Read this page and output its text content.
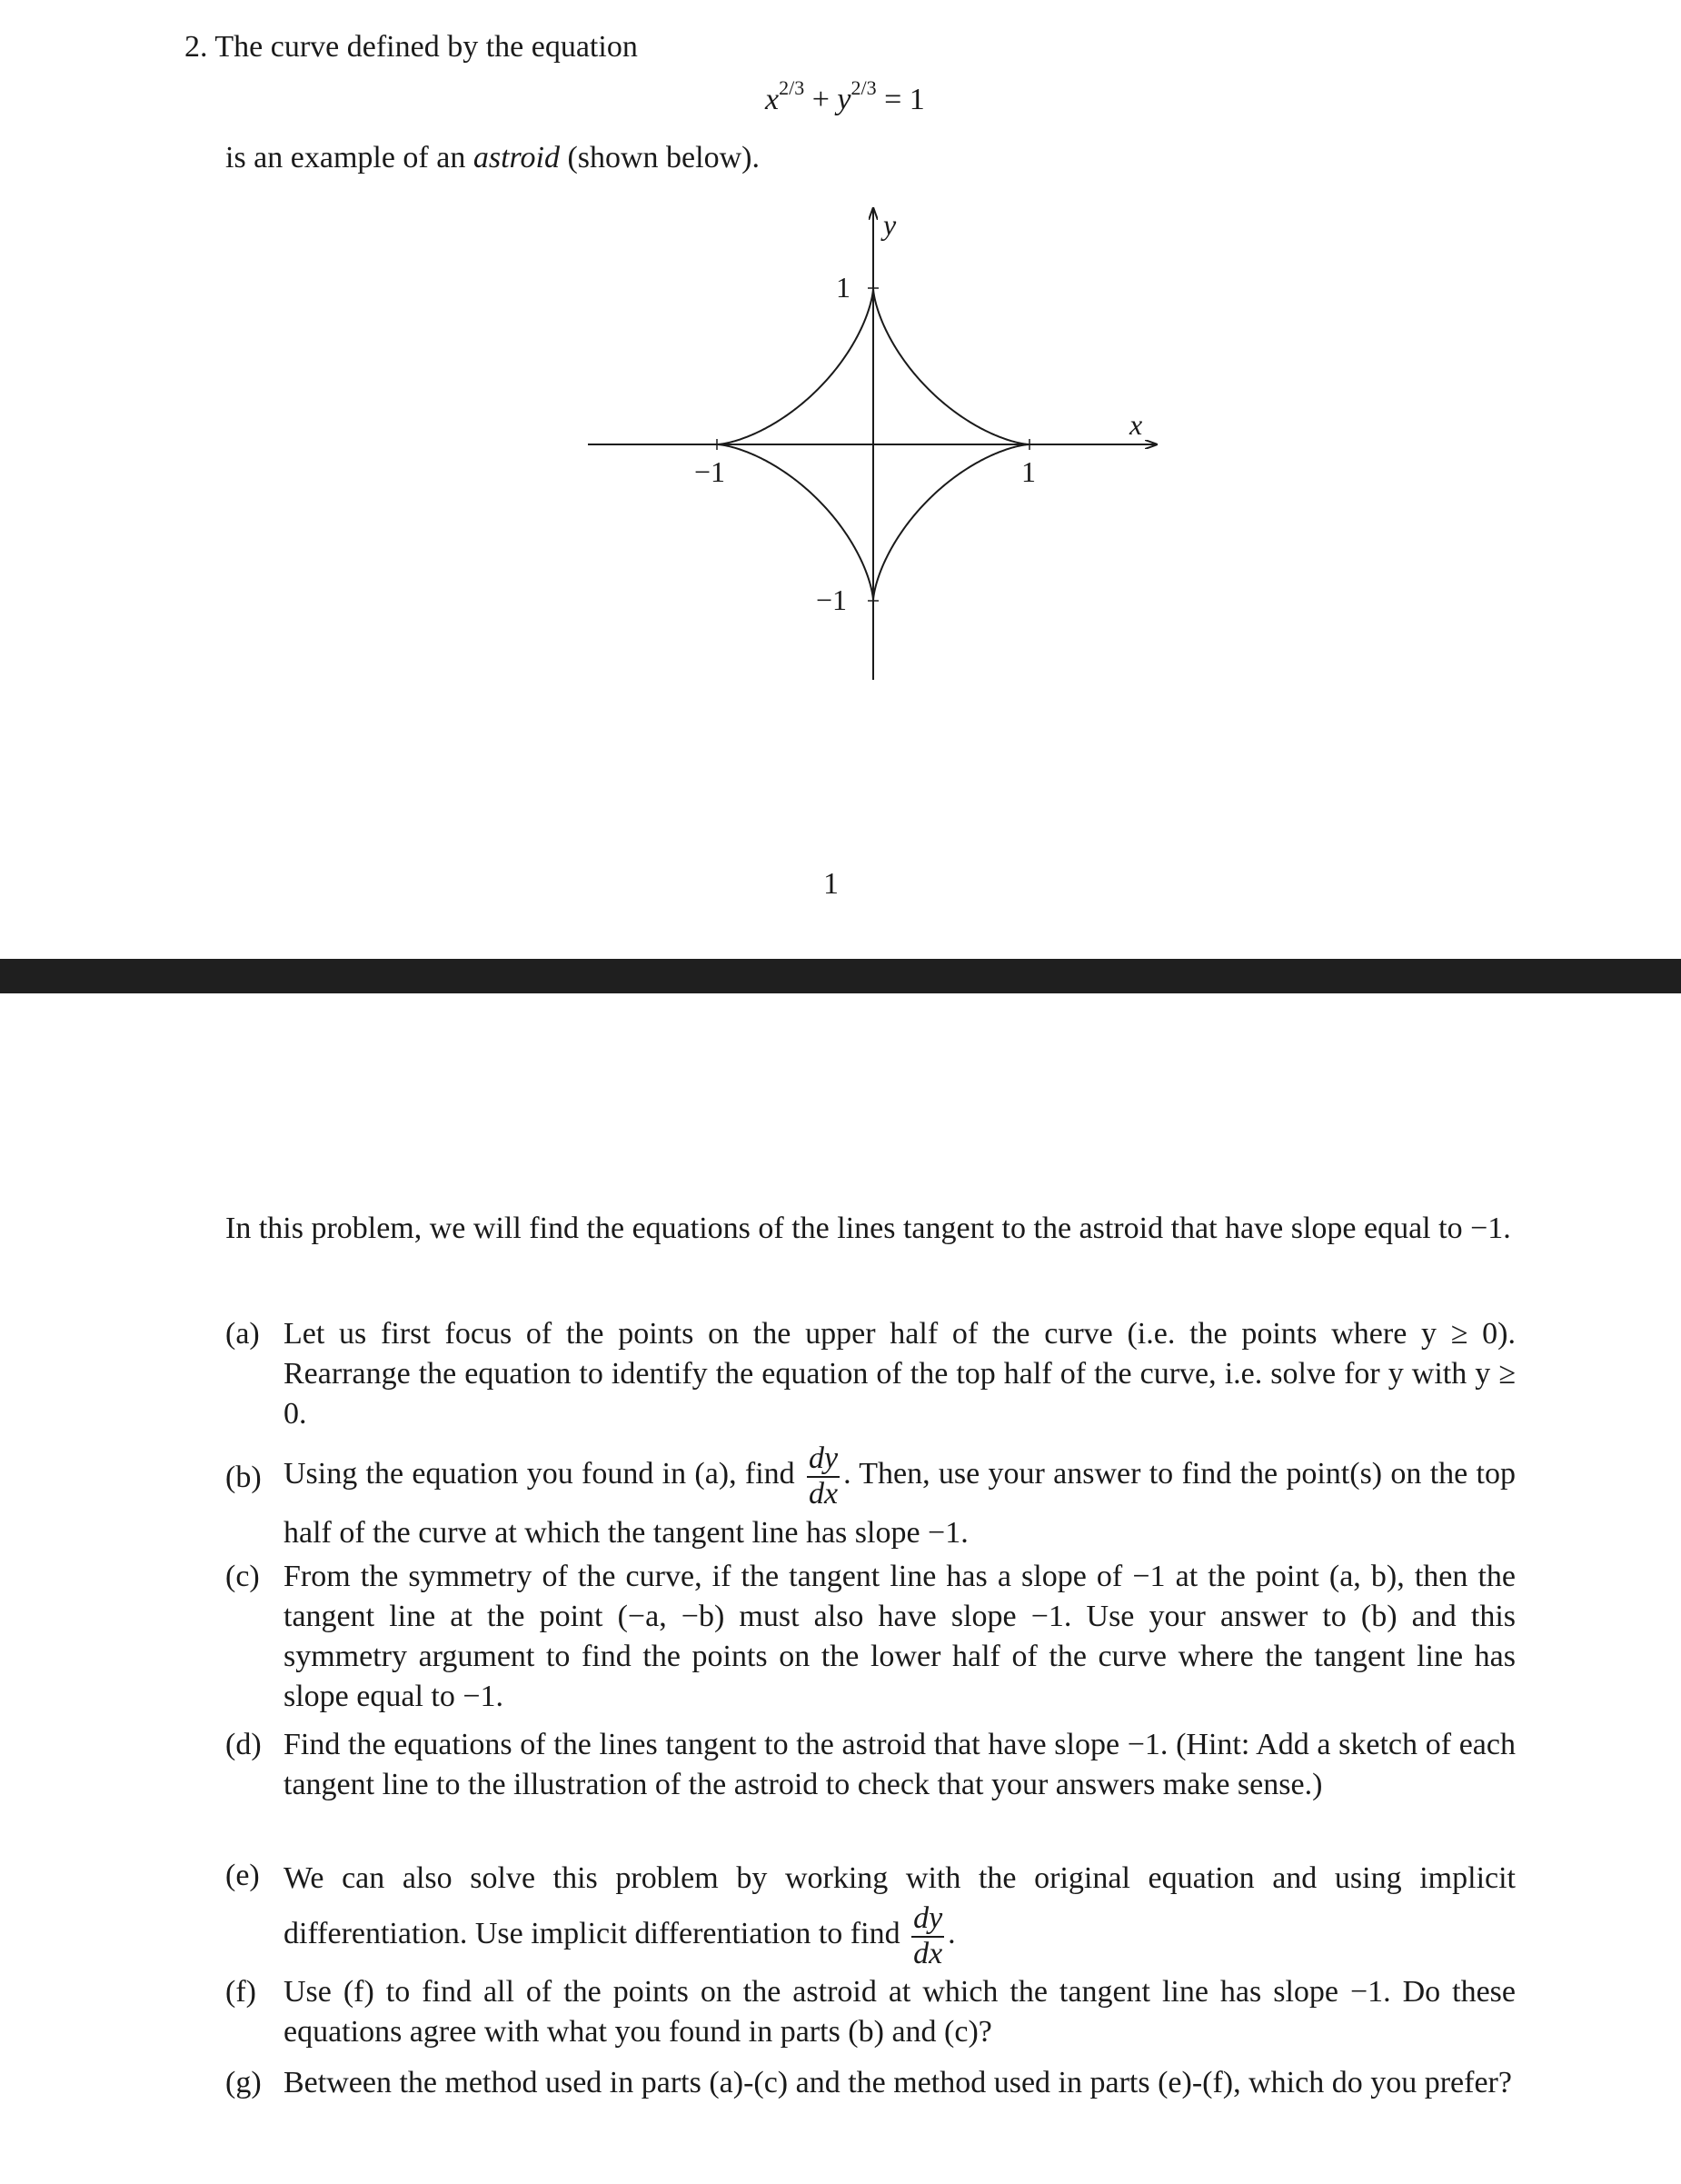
2. The curve defined by the equation
$x^{2/3} + y^{2/3} = 1$
is an example of an astroid (shown below).
x
y
−1	1
1
−1
1
In this problem, we will find the equations of the lines tangent to the astroid that have slope equal to −1.
(a) Let us first focus of the points on the upper half of the curve (i.e. the points where y ≥ 0). Rearrange the equation to identify the equation of the top half of the curve, i.e. solve for y with y ≥ 0.
(b) Using the equation you found in (a), find $\frac{dy}{dx}$ . Then, use your answer to find the point(s) on the top half of the curve at which the tangent line has slope −1.
(c) From the symmetry of the curve, if the tangent line has a slope of −1 at the point (a, b), then the tangent line at the point (−a, −b) must also have slope −1. Use your answer to (b) and this symmetry argument to find the points on the lower half of the curve where the tangent line has slope equal to −1.
(d) Find the equations of the lines tangent to the astroid that have slope −1. (Hint: Add a sketch of each tangent line to the illustration of the astroid to check that your answers make sense.)
(e) We can also solve this problem by working with the original equation and using implicit differentiation. Use implicit differentiation to find $\frac{dy}{dx}$ .
(f) Use (f) to find all of the points on the astroid at which the tangent line has slope −1. Do these equations agree with what you found in parts (b) and (c)?
(g) Between the method used in parts (a)-(c) and the method used in parts (e)-(f), which do you prefer?
